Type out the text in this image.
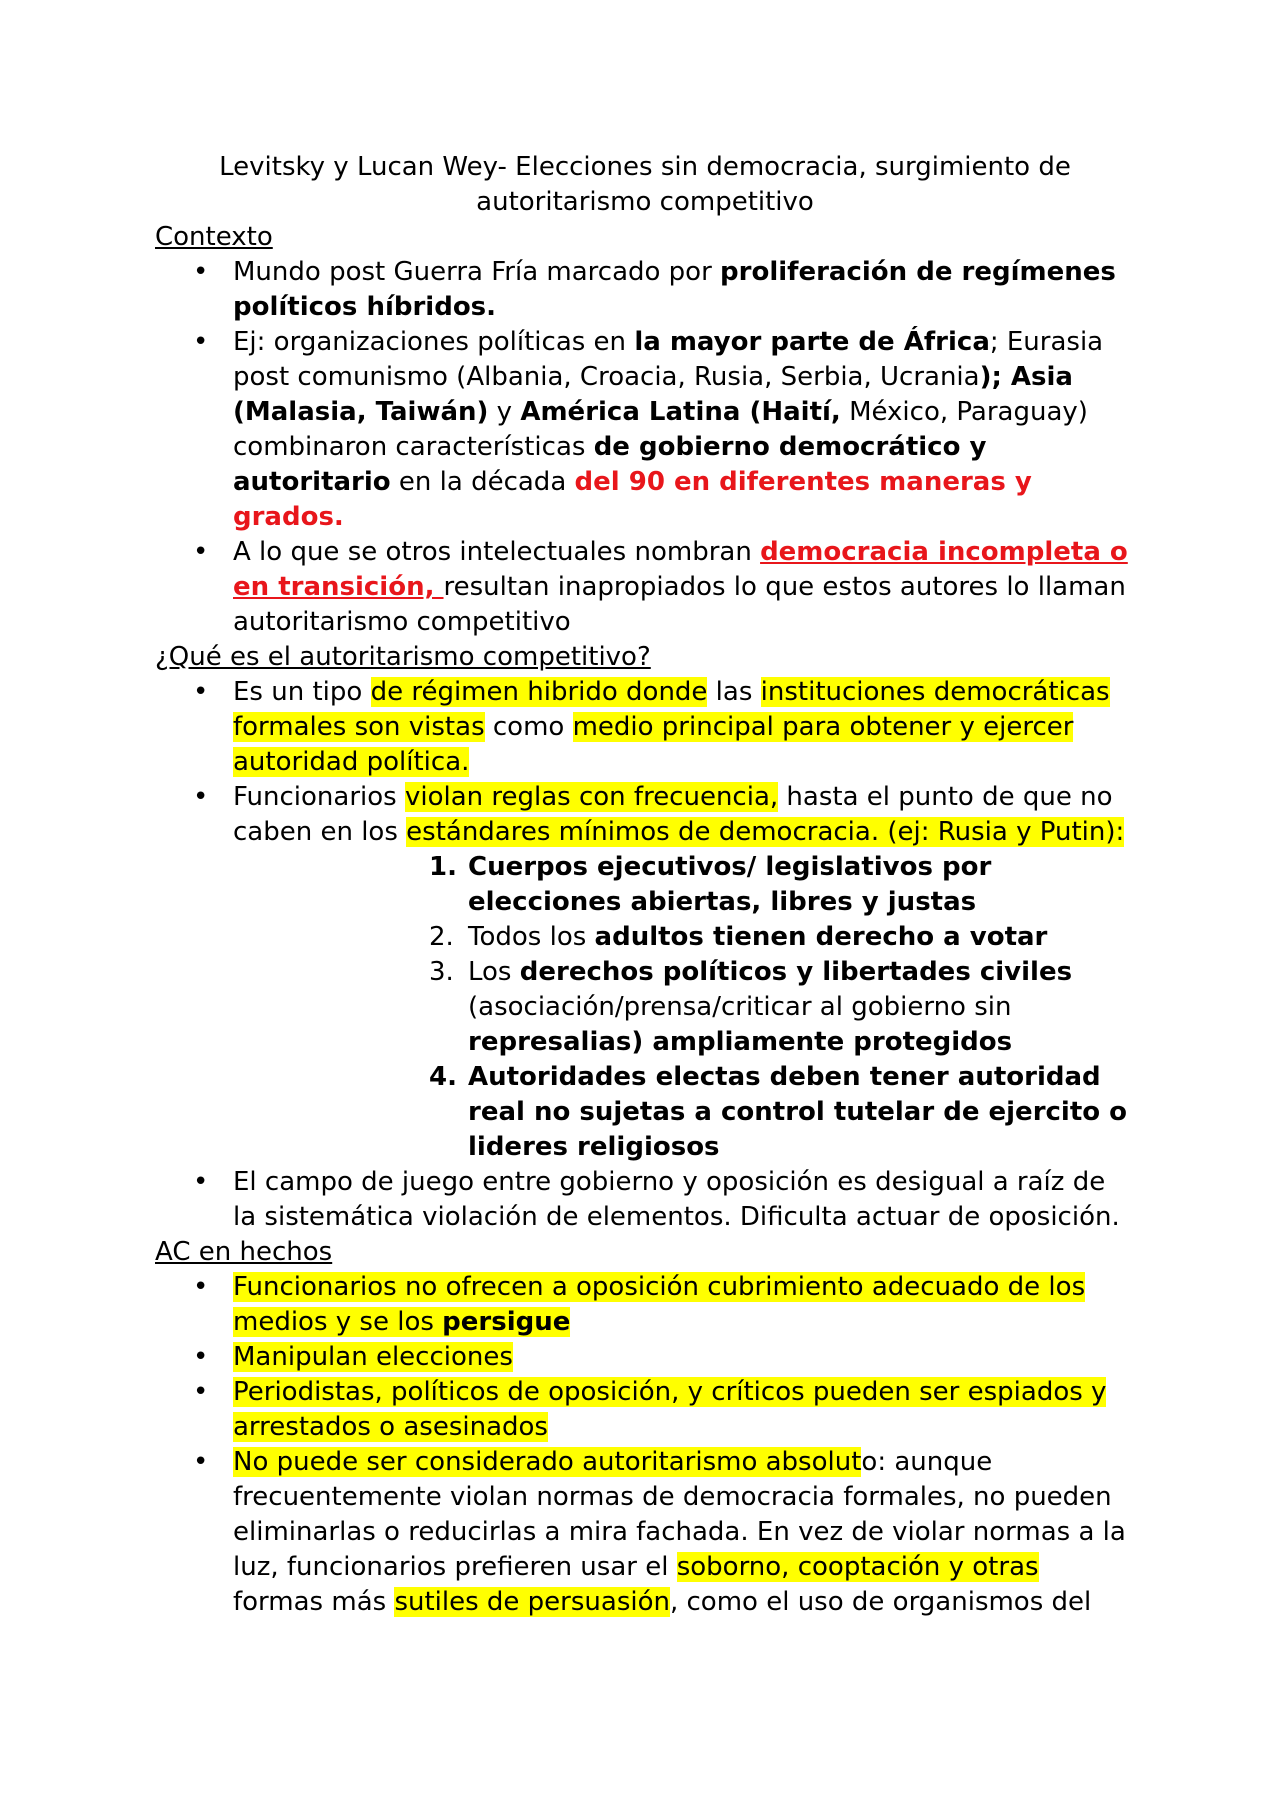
Levitsky y Lucan Wey- Elecciones sin democracia, surgimiento de autoritarismo competitivo

Contexto

• Mundo post Guerra Fría marcado por proliferación de regímenes políticos híbridos.
• Ej: organizaciones políticas en la mayor parte de África; Eurasia post comunismo (Albania, Croacia, Rusia, Serbia, Ucrania); Asia (Malasia, Taiwán) y América Latina (Haití, México, Paraguay) combinaron características de gobierno democrático y autoritario en la década del 90 en diferentes maneras y grados.
• A lo que se otros intelectuales nombran democracia incompleta o en transición, resultan inapropiados lo que estos autores lo llaman autoritarismo competitivo

¿Qué es el autoritarismo competitivo?

• Es un tipo de régimen hibrido donde las instituciones democráticas formales son vistas como medio principal para obtener y ejercer autoridad política.
• Funcionarios violan reglas con frecuencia, hasta el punto de que no caben en los estándares mínimos de democracia. (ej: Rusia y Putin):
1. Cuerpos ejecutivos/ legislativos por elecciones abiertas, libres y justas
2. Todos los adultos tienen derecho a votar
3. Los derechos políticos y libertades civiles (asociación/prensa/criticar al gobierno sin represalias) ampliamente protegidos
4. Autoridades electas deben tener autoridad real no sujetas a control tutelar de ejercito o lideres religiosos
• El campo de juego entre gobierno y oposición es desigual a raíz de la sistemática violación de elementos. Dificulta actuar de oposición.

AC en hechos

• Funcionarios no ofrecen a oposición cubrimiento adecuado de los medios y se los persigue
• Manipulan elecciones
• Periodistas, políticos de oposición, y críticos pueden ser espiados y arrestados o asesinados
• No puede ser considerado autoritarismo absoluto: aunque frecuentemente violan normas de democracia formales, no pueden eliminarlas o reducirlas a mira fachada. En vez de violar normas a la luz, funcionarios prefieren usar el soborno, cooptación y otras formas más sutiles de persuasión, como el uso de organismos del
